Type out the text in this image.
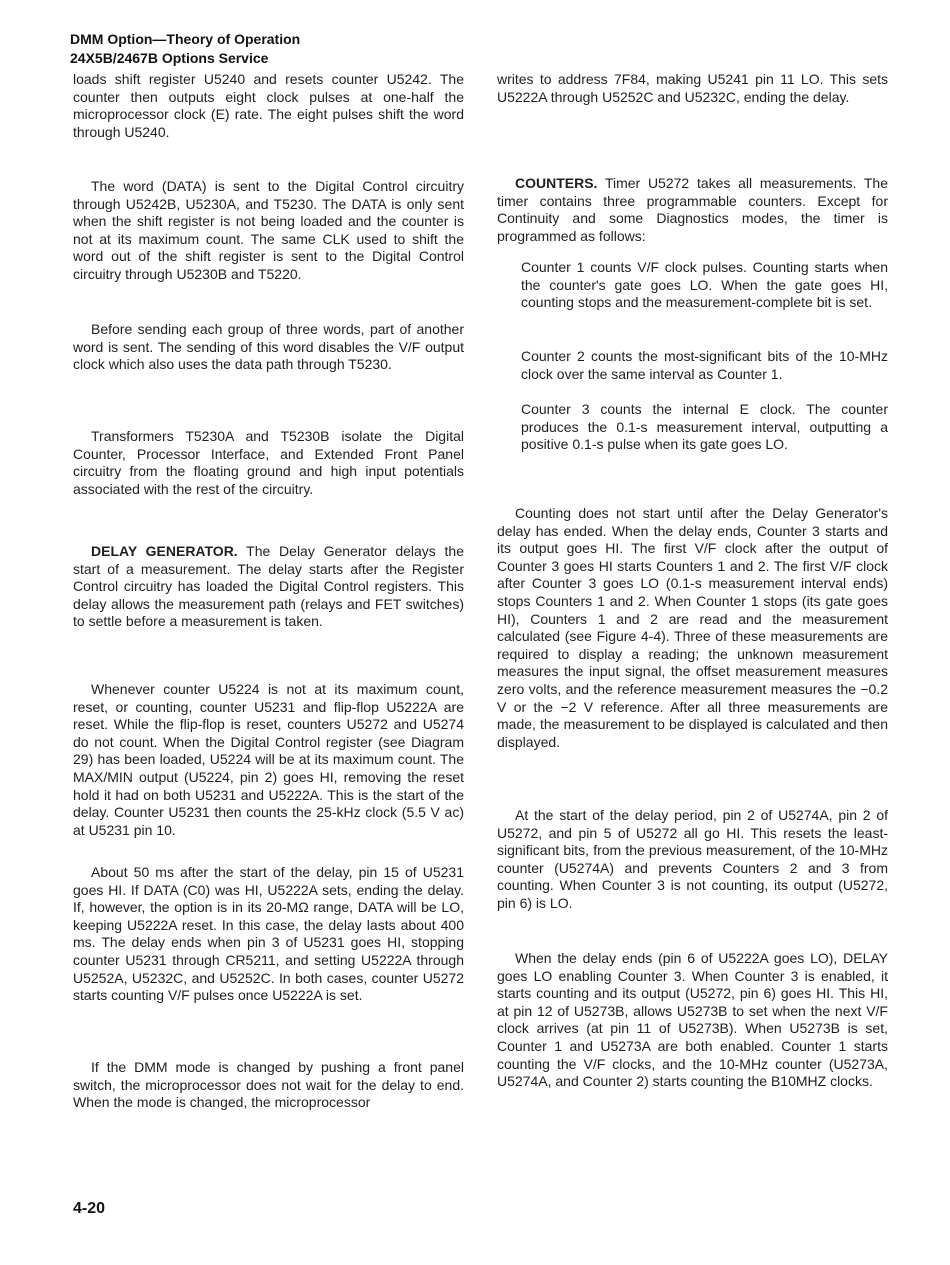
DMM Option—Theory of Operation
24X5B/2467B Options Service

loads shift register U5240 and resets counter U5242. The counter then outputs eight clock pulses at one-half the microprocessor clock (E) rate. The eight pulses shift the word through U5240.

The word (DATA) is sent to the Digital Control circuitry through U5242B, U5230A, and T5230. The DATA is only sent when the shift register is not being loaded and the counter is not at its maximum count. The same CLK used to shift the word out of the shift register is sent to the Digital Control circuitry through U5230B and T5220.

Before sending each group of three words, part of another word is sent. The sending of this word disables the V/F output clock which also uses the data path through T5230.

Transformers T5230A and T5230B isolate the Digital Counter, Processor Interface, and Extended Front Panel circuitry from the floating ground and high input potentials associated with the rest of the circuitry.

DELAY GENERATOR. The Delay Generator delays the start of a measurement. The delay starts after the Register Control circuitry has loaded the Digital Control registers. This delay allows the measurement path (relays and FET switches) to settle before a measurement is taken.

Whenever counter U5224 is not at its maximum count, reset, or counting, counter U5231 and flip-flop U5222A are reset. While the flip-flop is reset, counters U5272 and U5274 do not count. When the Digital Control register (see Diagram 29) has been loaded, U5224 will be at its maximum count. The MAX/MIN output (U5224, pin 2) goes HI, removing the reset hold it had on both U5231 and U5222A. This is the start of the delay. Counter U5231 then counts the 25-kHz clock (5.5 V ac) at U5231 pin 10.

About 50 ms after the start of the delay, pin 15 of U5231 goes HI. If DATA (C0) was HI, U5222A sets, ending the delay. If, however, the option is in its 20-MΩ range, DATA will be LO, keeping U5222A reset. In this case, the delay lasts about 400 ms. The delay ends when pin 3 of U5231 goes HI, stopping counter U5231 through CR5211, and setting U5222A through U5252A, U5232C, and U5252C. In both cases, counter U5272 starts counting V/F pulses once U5222A is set.

If the DMM mode is changed by pushing a front panel switch, the microprocessor does not wait for the delay to end. When the mode is changed, the microprocessor

writes to address 7F84, making U5241 pin 11 LO. This sets U5222A through U5252C and U5232C, ending the delay.

COUNTERS. Timer U5272 takes all measurements. The timer contains three programmable counters. Except for Continuity and some Diagnostics modes, the timer is programmed as follows:

Counter 1 counts V/F clock pulses. Counting starts when the counter's gate goes LO. When the gate goes HI, counting stops and the measurement-complete bit is set.

Counter 2 counts the most-significant bits of the 10-MHz clock over the same interval as Counter 1.

Counter 3 counts the internal E clock. The counter produces the 0.1-s measurement interval, outputting a positive 0.1-s pulse when its gate goes LO.

Counting does not start until after the Delay Generator's delay has ended. When the delay ends, Counter 3 starts and its output goes HI. The first V/F clock after the output of Counter 3 goes HI starts Counters 1 and 2. The first V/F clock after Counter 3 goes LO (0.1-s measurement interval ends) stops Counters 1 and 2. When Counter 1 stops (its gate goes HI), Counters 1 and 2 are read and the measurement calculated (see Figure 4-4). Three of these measurements are required to display a reading; the unknown measurement measures the input signal, the offset measurement measures zero volts, and the reference measurement measures the −0.2 V or the −2 V reference. After all three measurements are made, the measurement to be displayed is calculated and then displayed.

At the start of the delay period, pin 2 of U5274A, pin 2 of U5272, and pin 5 of U5272 all go HI. This resets the least-significant bits, from the previous measurement, of the 10-MHz counter (U5274A) and prevents Counters 2 and 3 from counting. When Counter 3 is not counting, its output (U5272, pin 6) is LO.

When the delay ends (pin 6 of U5222A goes LO), DELAY goes LO enabling Counter 3. When Counter 3 is enabled, it starts counting and its output (U5272, pin 6) goes HI. This HI, at pin 12 of U5273B, allows U5273B to set when the next V/F clock arrives (at pin 11 of U5273B). When U5273B is set, Counter 1 and U5273A are both enabled. Counter 1 starts counting the V/F clocks, and the 10-MHz counter (U5273A, U5274A, and Counter 2) starts counting the B10MHZ clocks.

4-20
